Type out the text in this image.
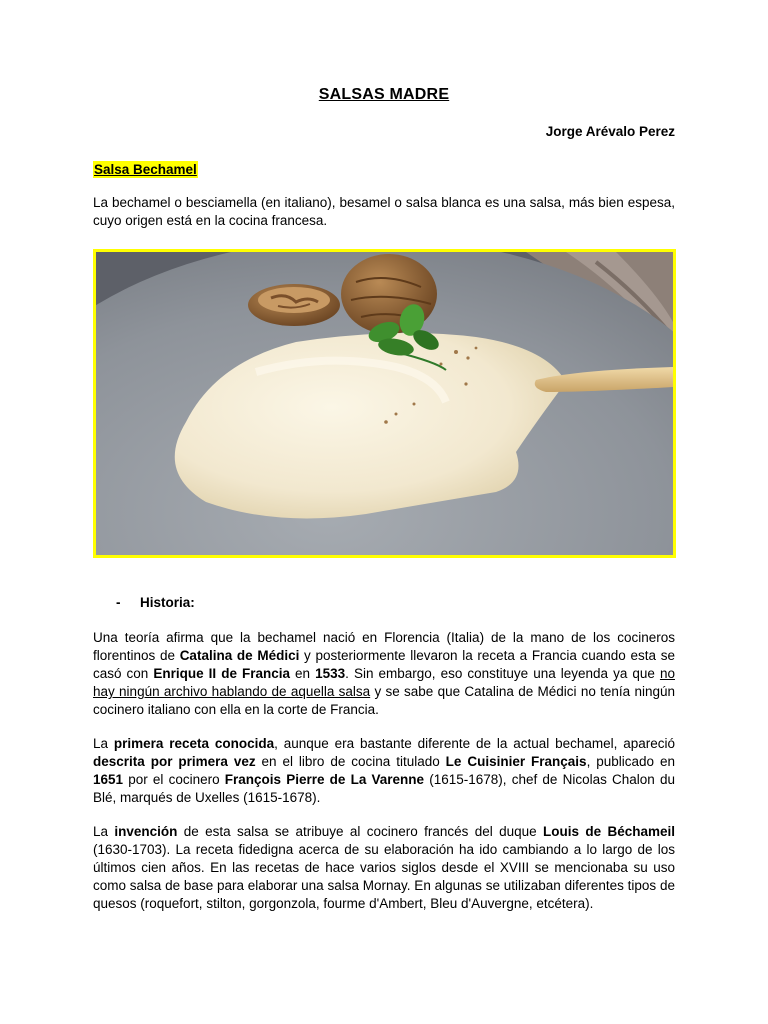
SALSAS MADRE
Jorge Arévalo Perez
Salsa Bechamel
La bechamel o besciamella (en italiano), besamel o salsa blanca es una salsa, más bien espesa, cuyo origen está en la cocina francesa.
- Historia:
Una teoría afirma que la bechamel nació en Florencia (Italia) de la mano de los cocineros florentinos de Catalina de Médici y posteriormente llevaron la receta a Francia cuando esta se casó con Enrique II de Francia en 1533. Sin embargo, eso constituye una leyenda ya que no hay ningún archivo hablando de aquella salsa y se sabe que Catalina de Médici no tenía ningún cocinero italiano con ella en la corte de Francia.
La primera receta conocida, aunque era bastante diferente de la actual bechamel, apareció descrita por primera vez en el libro de cocina titulado Le Cuisinier Français, publicado en 1651 por el cocinero François Pierre de La Varenne (1615-1678), chef de Nicolas Chalon du Blé, marqués de Uxelles (1615-1678).
La invención de esta salsa se atribuye al cocinero francés del duque Louis de Béchameil (1630-1703). La receta fidedigna acerca de su elaboración ha ido cambiando a lo largo de los últimos cien años. En las recetas de hace varios siglos desde el XVIII se mencionaba su uso como salsa de base para elaborar una salsa Mornay. En algunas se utilizaban diferentes tipos de quesos (roquefort, stilton, gorgonzola, fourme d'Ambert, Bleu d'Auvergne, etcétera).
